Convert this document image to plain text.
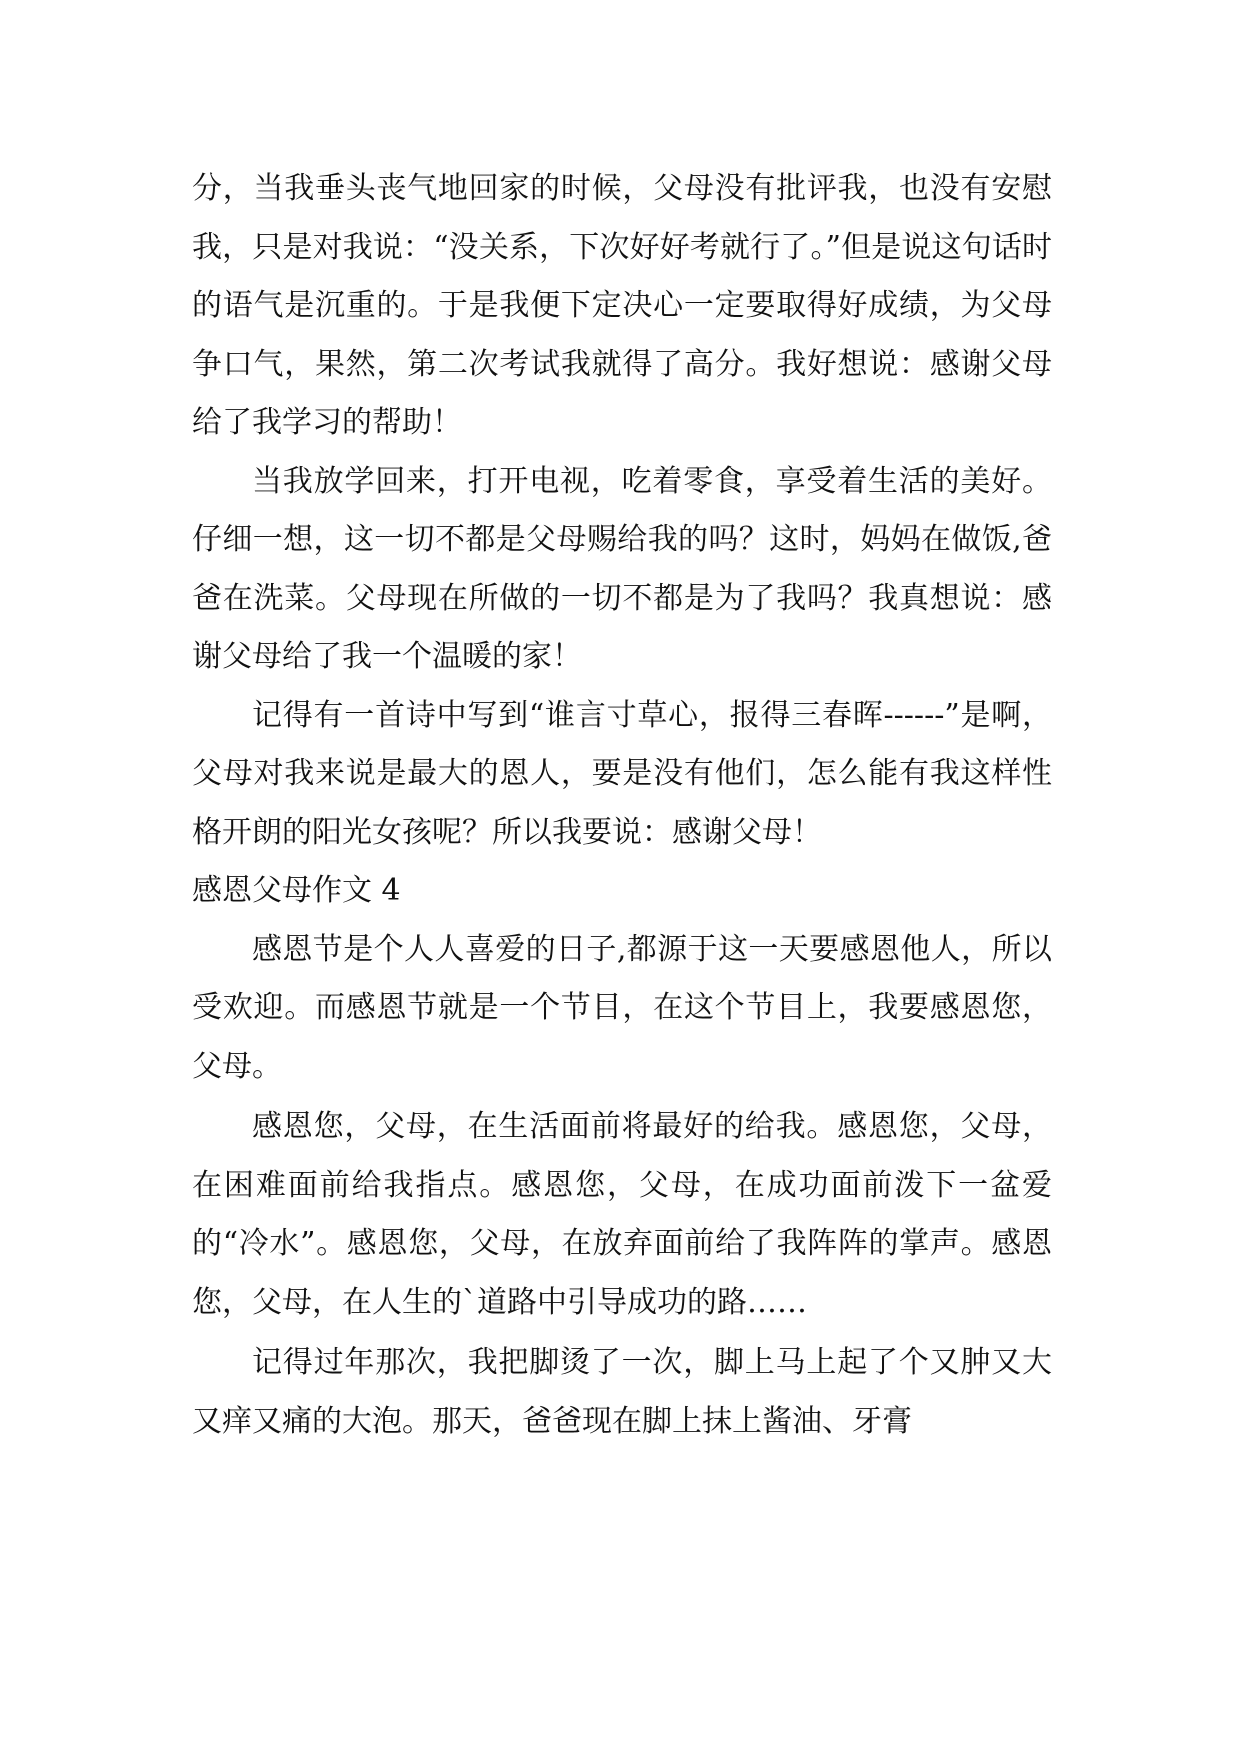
分，当我垂头丧气地回家的时候，父母没有批评我，也没有安慰我，只是对我说：“没关系，下次好好考就行了。”但是说这句话时的语气是沉重的。于是我便下定决心一定要取得好成绩，为父母争口气，果然，第二次考试我就得了高分。我好想说：感谢父母给了我学习的帮助！

当我放学回来，打开电视，吃着零食，享受着生活的美好。仔细一想，这一切不都是父母赐给我的吗？这时，妈妈在做饭,爸爸在洗菜。父母现在所做的一切不都是为了我吗？我真想说：感谢父母给了我一个温暖的家！

记得有一首诗中写到“谁言寸草心，报得三春晖------”是啊，父母对我来说是最大的恩人，要是没有他们，怎么能有我这样性格开朗的阳光女孩呢？所以我要说：感谢父母！

感恩父母作文 4

感恩节是个人人喜爱的日子,都源于这一天要感恩他人，所以受欢迎。而感恩节就是一个节目，在这个节目上，我要感恩您，父母。

感恩您，父母，在生活面前将最好的给我。感恩您，父母，在困难面前给我指点。感恩您，父母，在成功面前泼下一盆爱的“冷水”。感恩您，父母，在放弃面前给了我阵阵的掌声。感恩您，父母，在人生的`道路中引导成功的路……

记得过年那次，我把脚烫了一次，脚上马上起了个又肿又大又痒又痛的大泡。那天，爸爸现在脚上抹上酱油、牙膏
